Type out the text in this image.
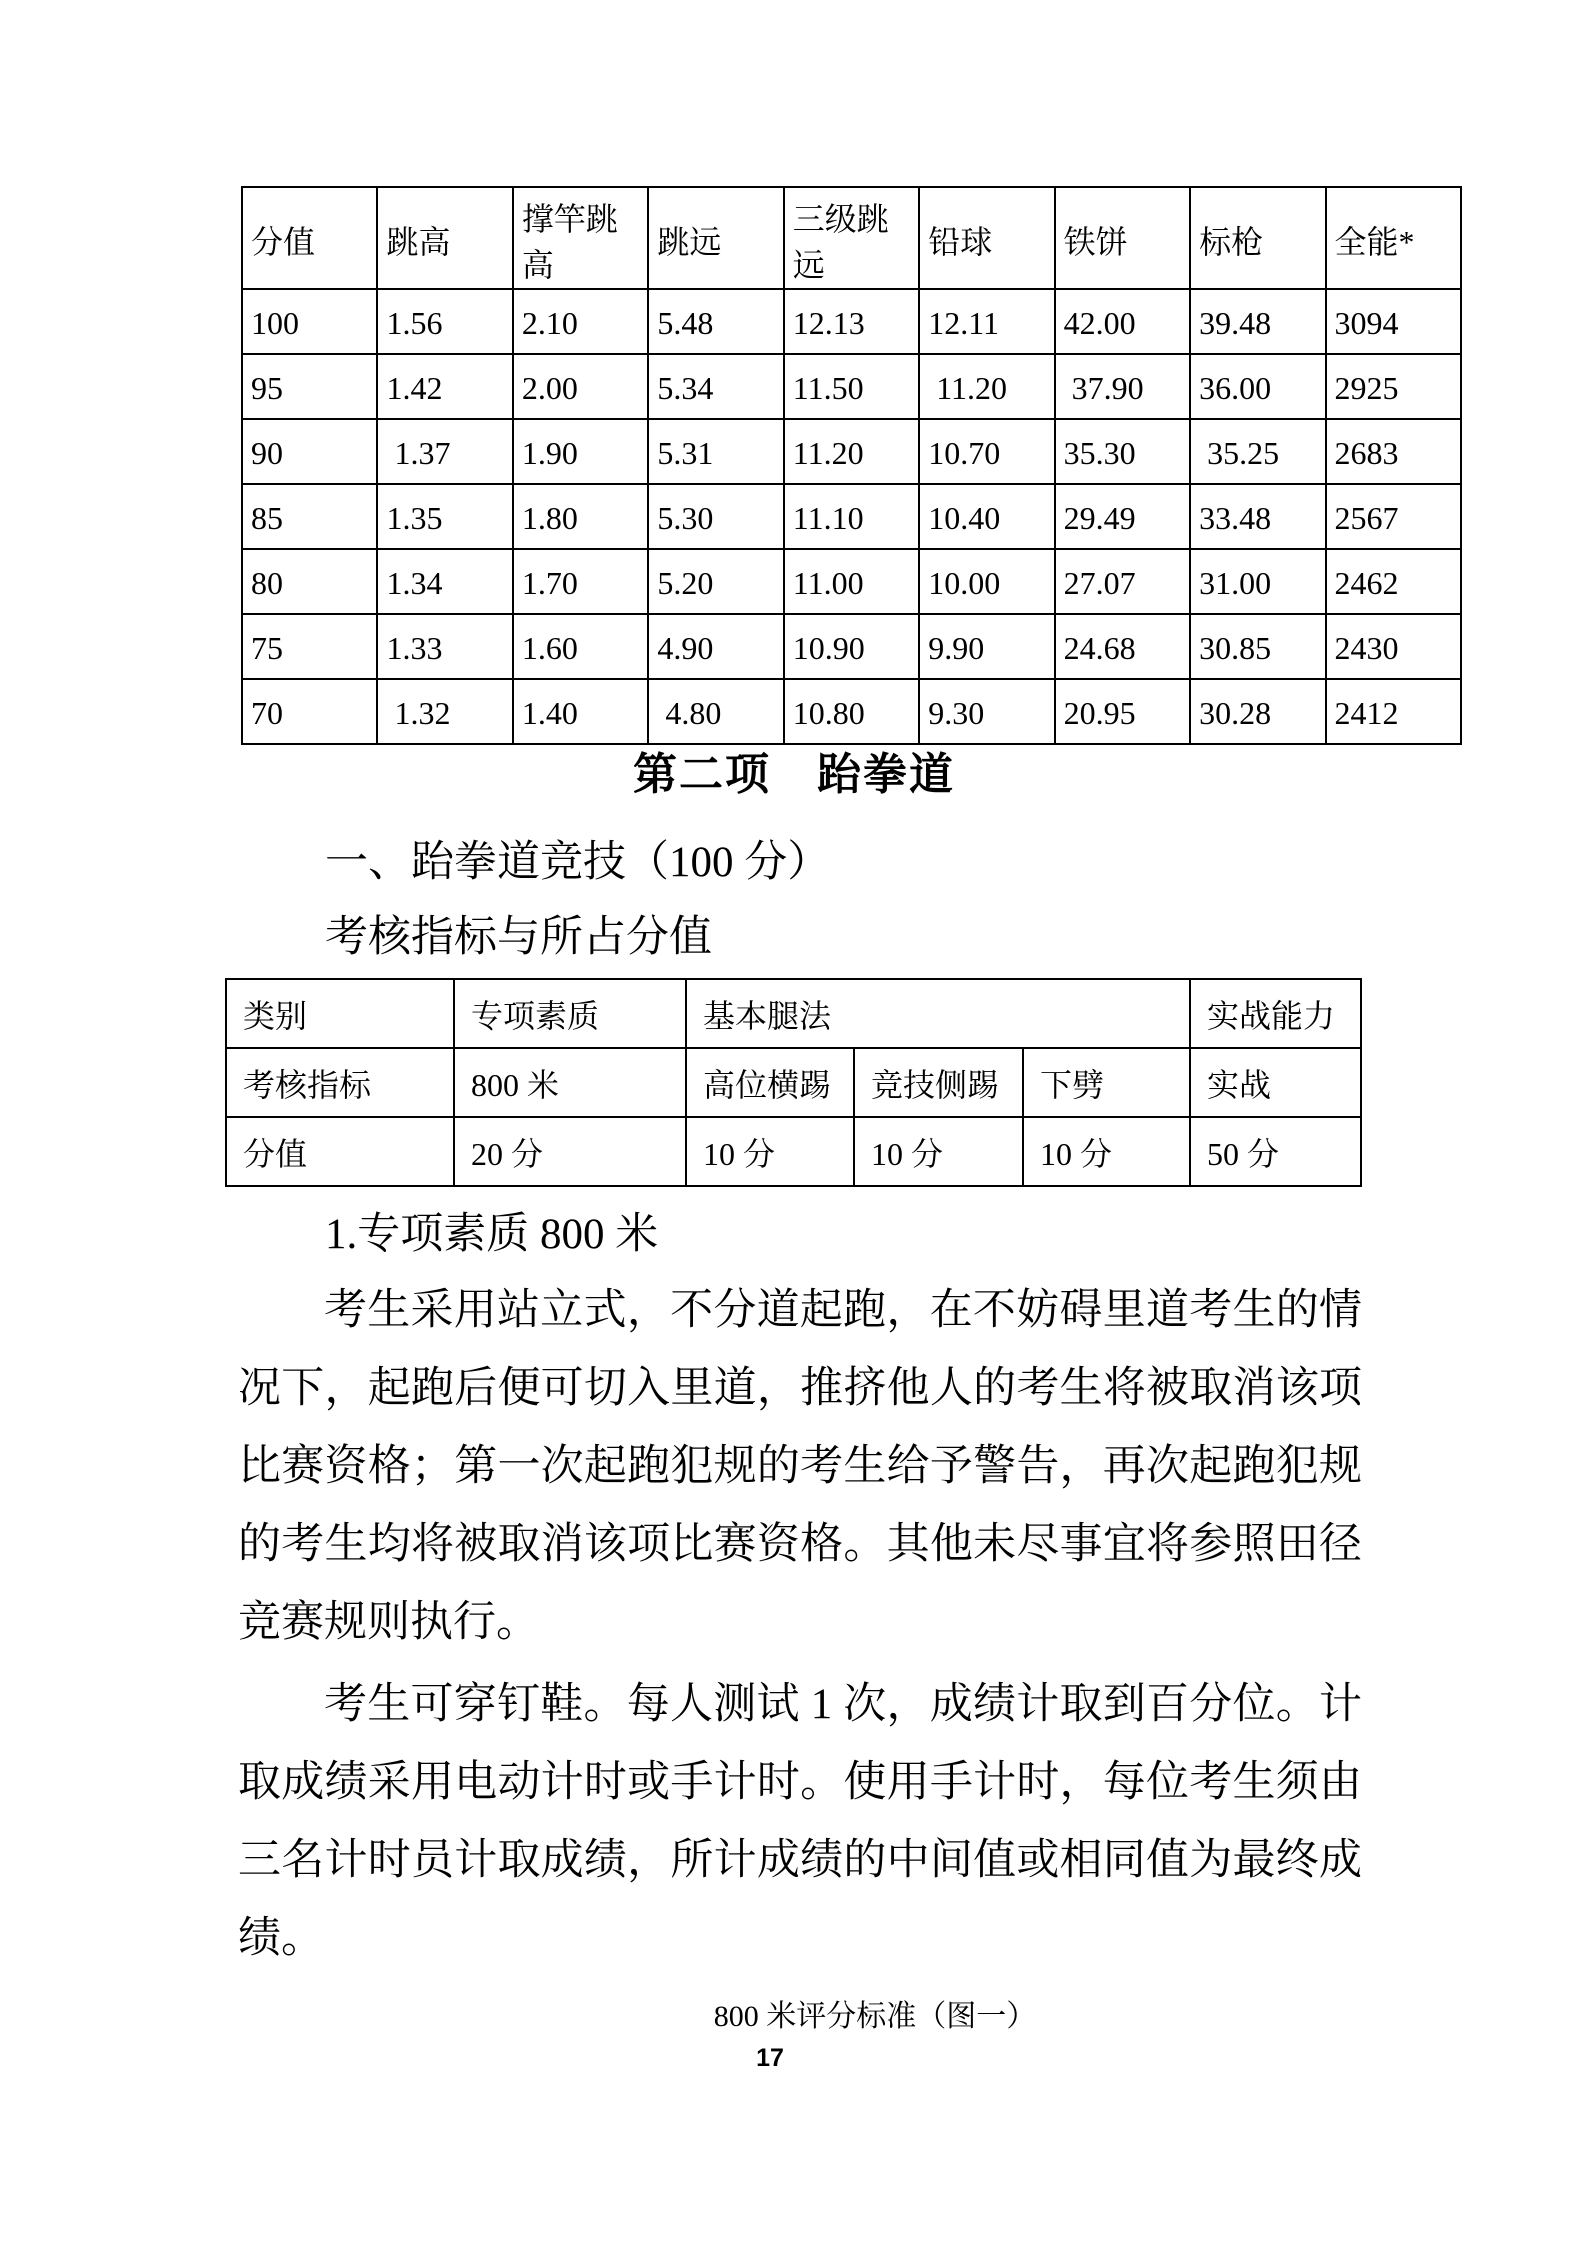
分值	跳高	撑竿跳高	跳远	三级跳远	铅球	铁饼	标枪	全能*
100	1.56	2.10	5.48	12.13	12.11	42.00	39.48	3094
95	1.42	2.00	5.34	11.50	11.20	37.90	36.00	2925
90	1.37	1.90	5.31	11.20	10.70	35.30	35.25	2683
85	1.35	1.80	5.30	11.10	10.40	29.49	33.48	2567
80	1.34	1.70	5.20	11.00	10.00	27.07	31.00	2462
75	1.33	1.60	4.90	10.90	9.90	24.68	30.85	2430
70	1.32	1.40	4.80	10.80	9.30	20.95	30.28	2412
第二项　跆拳道
一、跆拳道竞技（100 分）
考核指标与所占分值
类别	专项素质	基本腿法			实战能力
考核指标	800 米	高位横踢	竞技侧踢	下劈	实战
分值	20 分	10 分	10 分	10 分	50 分
1.专项素质 800 米
考生采用站立式，不分道起跑，在不妨碍里道考生的情况下，起跑后便可切入里道，推挤他人的考生将被取消该项比赛资格；第一次起跑犯规的考生给予警告，再次起跑犯规的考生均将被取消该项比赛资格。其他未尽事宜将参照田径竞赛规则执行。
考生可穿钉鞋。每人测试 1 次，成绩计取到百分位。计取成绩采用电动计时或手计时。使用手计时，每位考生须由三名计时员计取成绩，所计成绩的中间值或相同值为最终成绩。
800 米评分标准（图一）
17
